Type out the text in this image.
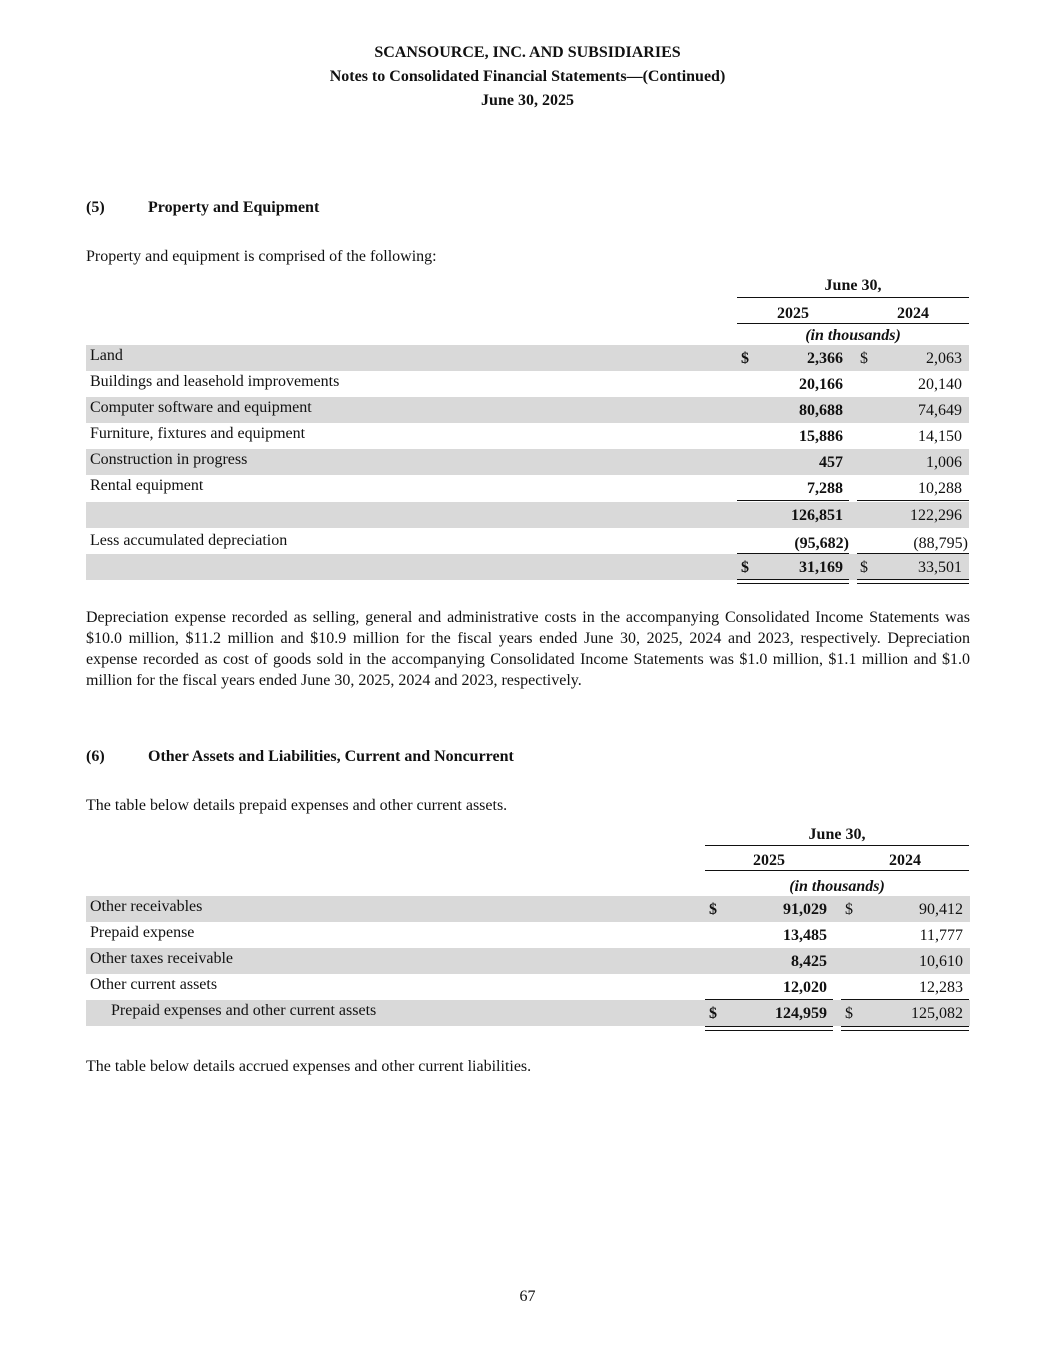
SCANSOURCE, INC. AND SUBSIDIARIES
Notes to Consolidated Financial Statements—(Continued)
June 30, 2025
(5)	Property and Equipment
Property and equipment is comprised of the following:
June 30,
2025	2024
(in thousands)
Land	$	2,366 $	2,063
Buildings and leasehold improvements	20,166	20,140
Computer software and equipment	80,688	74,649
Furniture, fixtures and equipment	15,886	14,150
Construction in progress	457	1,006
Rental equipment	7,288	10,288
126,851	122,296
Less accumulated depreciation	(95,682)	(88,795)
$	31,169 $	33,501
Depreciation expense recorded as selling, general and administrative costs in the accompanying Consolidated Income Statements was $10.0 million, $11.2 million and $10.9 million for the fiscal years ended June 30, 2025, 2024 and 2023, respectively. Depreciation expense recorded as cost of goods sold in the accompanying Consolidated Income Statements was $1.0 million, $1.1 million and $1.0 million for the fiscal years ended June 30, 2025, 2024 and 2023, respectively.
(6)	Other Assets and Liabilities, Current and Noncurrent
The table below details prepaid expenses and other current assets.
June 30,
2025	2024
(in thousands)
Other receivables	$	91,029 $	90,412
Prepaid expense	13,485	11,777
Other taxes receivable	8,425	10,610
Other current assets	12,020	12,283
Prepaid expenses and other current assets	$	124,959 $	125,082
The table below details accrued expenses and other current liabilities.
67
